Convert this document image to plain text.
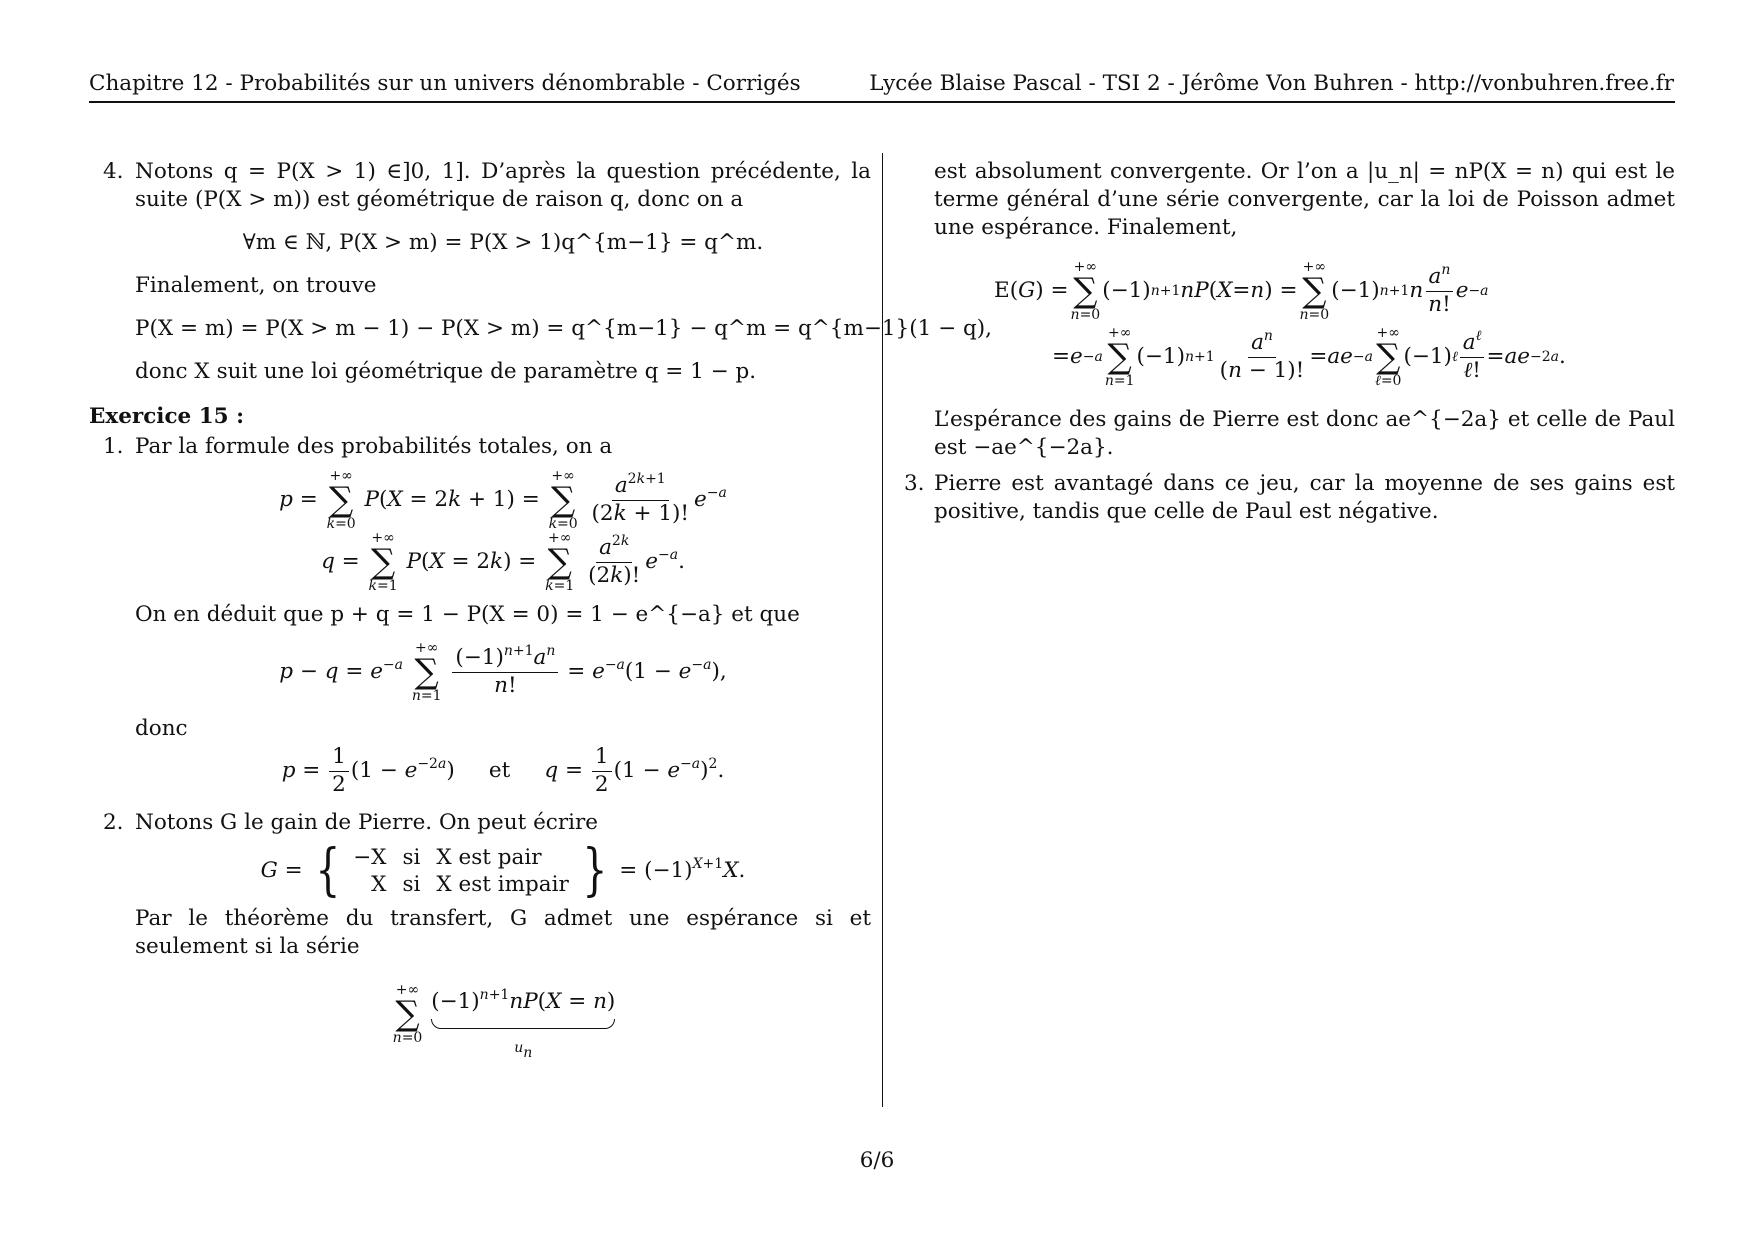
Chapitre 12 - Probabilités sur un univers dénombrable - Corrigés	Lycée Blaise Pascal - TSI 2 - Jérôme Von Buhren - http://vonbuhren.free.fr
4. Notons q = P(X > 1) ∈]0, 1]. D’après la question précédente, la suite (P(X > m)) est géométrique de raison q, donc on a
∀m ∈ ℕ, P(X > m) = P(X > 1)q^{m−1} = q^m.
Finalement, on trouve
P(X = m) = P(X > m − 1) − P(X > m) = q^{m−1} − q^m = q^{m−1}(1 − q),
donc X suit une loi géométrique de paramètre q = 1 − p.
Exercice 15 :
1. Par la formule des probabilités totales, on a
p =
+∞
∑
k=0
P(X = 2k + 1) =
+∞
∑
k=0
$\frac{a^{2k+1}}{(2k + 1)!} e^{-a}$
q =
+∞
∑
k=1
P(X = 2k) =
+∞
∑
k=1
$\frac{a^{2k}}{(2k)!} e^{-a}$.
On en déduit que p + q = 1 − P(X = 0) = 1 − e^{−a} et que
$p - q = e^{-a}$
+∞
∑
n=1
$\frac{(-1)^{n+1}a^n}{n!} = e^{-a}(1 - e^{-a})$,
donc
$p = \frac{1}{2} (1 - e^{-2a})$     et $q = \frac{1}{2} (1 - e^{-a})^2$.
2. Notons G le gain de Pierre. On peut écrire
G = { −X	si	X est pair
X	si	X est impair } = $(-1)^{X+1}X$.
Par le théorème du transfert, G admet une espérance si et seulement si la série
+∞
∑
n=0

$(-1)^{n+1}nP(X = n)$
$u_n$
est absolument convergente. Or l’on a |u_n| = nP(X = n) qui est le terme général d’une série convergente, car la loi de Poisson admet une espérance. Finalement,
E( G ) =
+∞
∑
n=0
(−1) n+1 nP ( X = n ) =
+∞
∑
n=0
(−1) n+1 n
$a^n$
n!
e −a
= e −a
+∞
∑
n=1
(−1) n+1
$a^n$
(n − 1)!
= ae −a
+∞
∑
ℓ=0
(−1) ℓ
$a^\ell$
ℓ!
= ae −2a .
L’espérance des gains de Pierre est donc ae^{−2a} et celle de Paul est −ae^{−2a}.
3. Pierre est avantagé dans ce jeu, car la moyenne de ses gains est positive, tandis que celle de Paul est négative.
6/6
